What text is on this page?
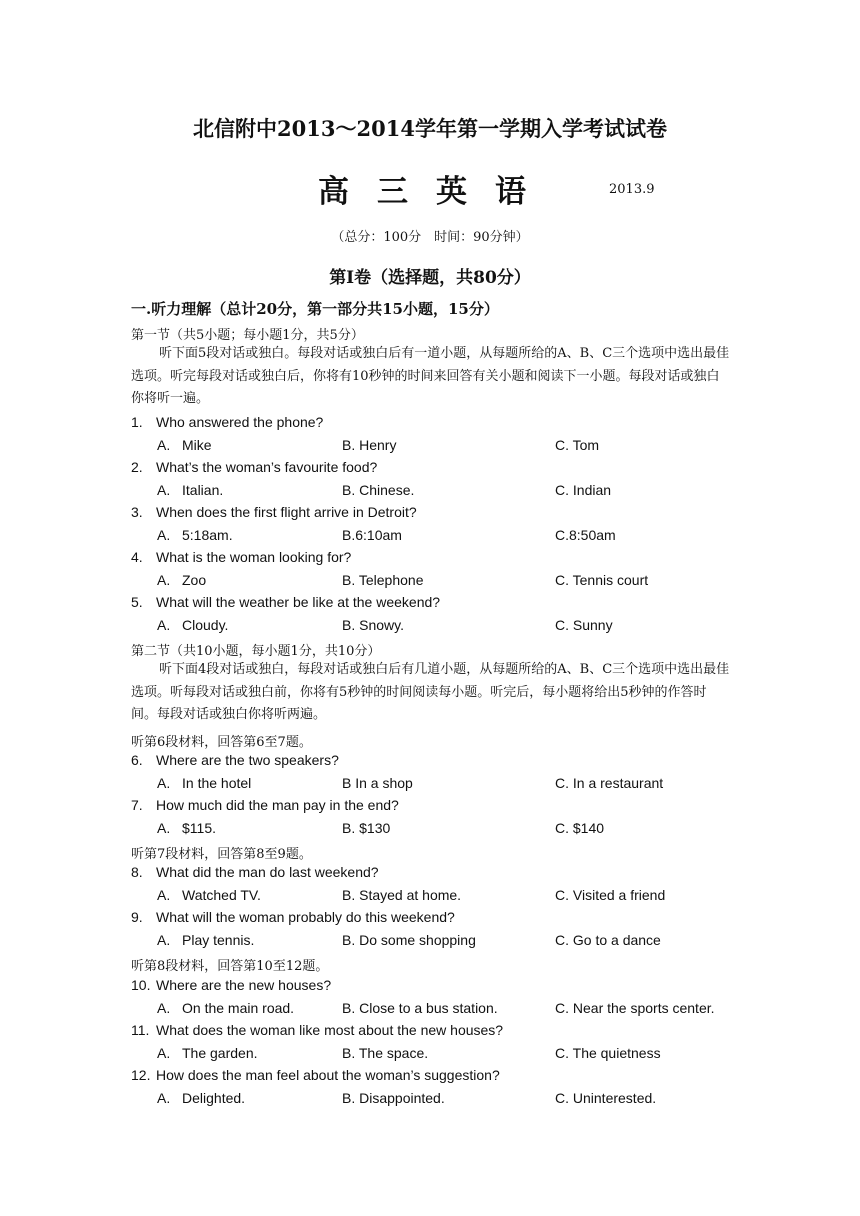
北信附中2013～2014学年第一学期入学考试试卷
高三英语	2013.9
（总分：100分　时间：90分钟）
第I卷（选择题，共80分）
一.听力理解（总计20分，第一部分共15小题，15分）
第一节（共5小题；每小题1分，共5分）
听下面5段对话或独白。每段对话或独白后有一道小题，从每题所给的A、B、C三个选项中选出最佳选项。听完每段对话或独白后，你将有10秒钟的时间来回答有关小题和阅读下一小题。每段对话或独白你将听一遍。
1. Who answered the phone?
A. Mike	B. Henry	C. Tom
2. What’s the woman’s favourite food?
A. Italian.	B. Chinese.	C. Indian
3. When does the first flight arrive in Detroit?
A. 5:18am.	B.6:10am	C.8:50am
4. What is the woman looking for?
A. Zoo	B. Telephone	C. Tennis court
5. What will the weather be like at the weekend?
A. Cloudy.	B. Snowy.	C. Sunny
第二节（共10小题，每小题1分，共10分）
听下面4段对话或独白，每段对话或独白后有几道小题，从每题所给的A、B、C三个选项中选出最佳选项。听每段对话或独白前，你将有5秒钟的时间阅读每小题。听完后，每小题将给出5秒钟的作答时间。每段对话或独白你将听两遍。
听第6段材料，回答第6至7题。
6. Where are the two speakers?
A. In the hotel	B In a shop	C. In a restaurant
7. How much did the man pay in the end?
A. $115.	B. $130	C. $140
听第7段材料，回答第8至9题。
8. What did the man do last weekend?
A. Watched TV.	B. Stayed at home.	C. Visited a friend
9. What will the woman probably do this weekend?
A. Play tennis.	B. Do some shopping	C. Go to a dance
听第8段材料，回答第10至12题。
10. Where are the new houses?
A. On the main road.	B. Close to a bus station.	C. Near the sports center.
11. What does the woman like most about the new houses?
A. The garden.	B. The space.	C. The quietness
12. How does the man feel about the woman’s suggestion?
A. Delighted.	B. Disappointed.	C. Uninterested.
